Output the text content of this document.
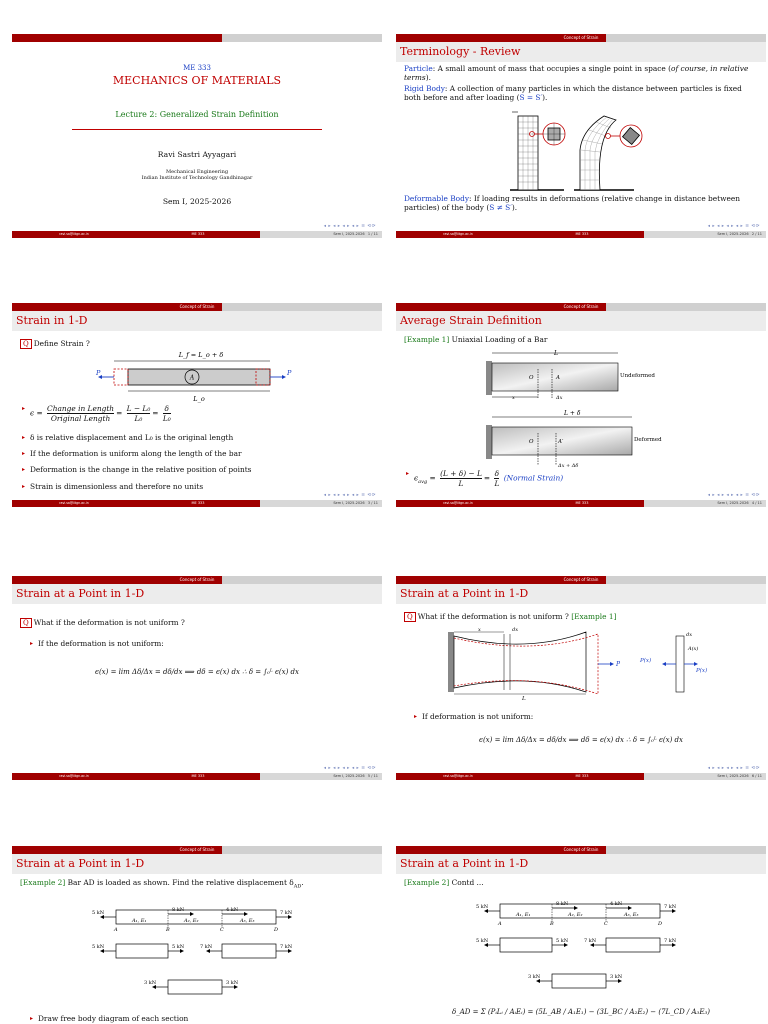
ME 333
MECHANICS OF MATERIALS
Lecture 2: Generalized Strain Definition
Ravi Sastri Ayyagari
Mechanical Engineering
Indian Institute of Technology Gandhinagar
Sem I, 2025-2026
◂ ▸ ◂ ▸ ◂ ▸ ◂ ▸ ≡ ⟲⟳
ravi.sa@iitgn.ac.in	ME 333	Sem I, 2025-2026 1 / 11
Concept of Strain
Terminology - Review
Particle: A small amount of mass that occupies a single point in space (of course, in relative terms).
Rigid Body: A collection of many particles in which the distance between particles is fixed both before and after loading (S = S′).
Deformable Body: If loading results in deformations (relative change in distance between particles) of the body (S ≠ S′).
◂ ▸ ◂ ▸ ◂ ▸ ◂ ▸ ≡ ⟲⟳
ravi.sa@iitgn.ac.in	ME 333	Sem I, 2025-2026 2 / 11
Concept of Strain
Strain in 1-D
Q Define Strain ?
L_f = L_o + δ
A
P	P
L_o
▸ ϵ = Change in Length
Original Length
= $\frac{\text{L − L₀}}{\text{L₀}} = \frac{\delta}{\text{L₀}}$
▸ δ is relative displacement and L₀ is the original length
▸ If the deformation is uniform along the length of the bar
▸ Deformation is the change in the relative position of points
▸ Strain is dimensionless and therefore no units
◂ ▸ ◂ ▸ ◂ ▸ ◂ ▸ ≡ ⟲⟳
ravi.sa@iitgn.ac.in	ME 333	Sem I, 2025-2026 3 / 11
Concept of Strain
Average Strain Definition
[Example 1] Uniaxial Loading of a Bar
L
Undeformed
O	A
x	Δx
L + δ
Deformed
O	A′
Δx + Δδ
▸ $\epsilon_{avg} = \frac{(L + \delta) - L}{L} = \frac{\delta}{L}$ (Normal Strain)
◂ ▸ ◂ ▸ ◂ ▸ ◂ ▸ ≡ ⟲⟳
ravi.sa@iitgn.ac.in	ME 333	Sem I, 2025-2026 4 / 11
Concept of Strain
Strain at a Point in 1-D
Q What if the deformation is not uniform ?
▸ If the deformation is not uniform:
ϵ(x) = lim Δδ/Δx = dδ/dx ⟹ dδ = ϵ(x) dx ∴ δ = ∫₀ᴸ ϵ(x) dx
◂ ▸ ◂ ▸ ◂ ▸ ◂ ▸ ≡ ⟲⟳
ravi.sa@iitgn.ac.in	ME 333	Sem I, 2025-2026 5 / 11
Concept of Strain
Strain at a Point in 1-D
Q What if the deformation is not uniform ? [Example 1]
x	dx
P
L
P(x)
P(x)
A(x)
dx
▸ If deformation is not uniform:
ϵ(x) = lim Δδ/Δx = dδ/dx ⟹ dδ = ϵ(x) dx ∴ δ = ∫₀ᴸ ϵ(x) dx
◂ ▸ ◂ ▸ ◂ ▸ ◂ ▸ ≡ ⟲⟳
ravi.sa@iitgn.ac.in	ME 333	Sem I, 2025-2026 6 / 11
Concept of Strain
Strain at a Point in 1-D
[Example 2] Bar AD is loaded as shown. Find the relative displacement $\delta_{AD}$.
5 kN	8 kN	4 kN	7 kN
A₁, E₁	A₂, E₂	A₃, E₃
A	B	C	D
5 kN	5 kN	7 kN	7 kN
3 kN	3 kN
▸ Draw free body diagram of each section
Concept of Strain
Strain at a Point in 1-D
[Example 2] Contd ...
5 kN	8 kN	4 kN	7 kN
A₁, E₁	A₂, E₂	A₃, E₃
A	B	C	D
5 kN	5 kN	7 kN	7 kN
3 kN	3 kN
δ_AD = Σ (PᵢLᵢ / AᵢEᵢ) = (5L_AB / A₁E₁) − (3L_BC / A₂E₂) − (7L_CD / A₃E₃)
